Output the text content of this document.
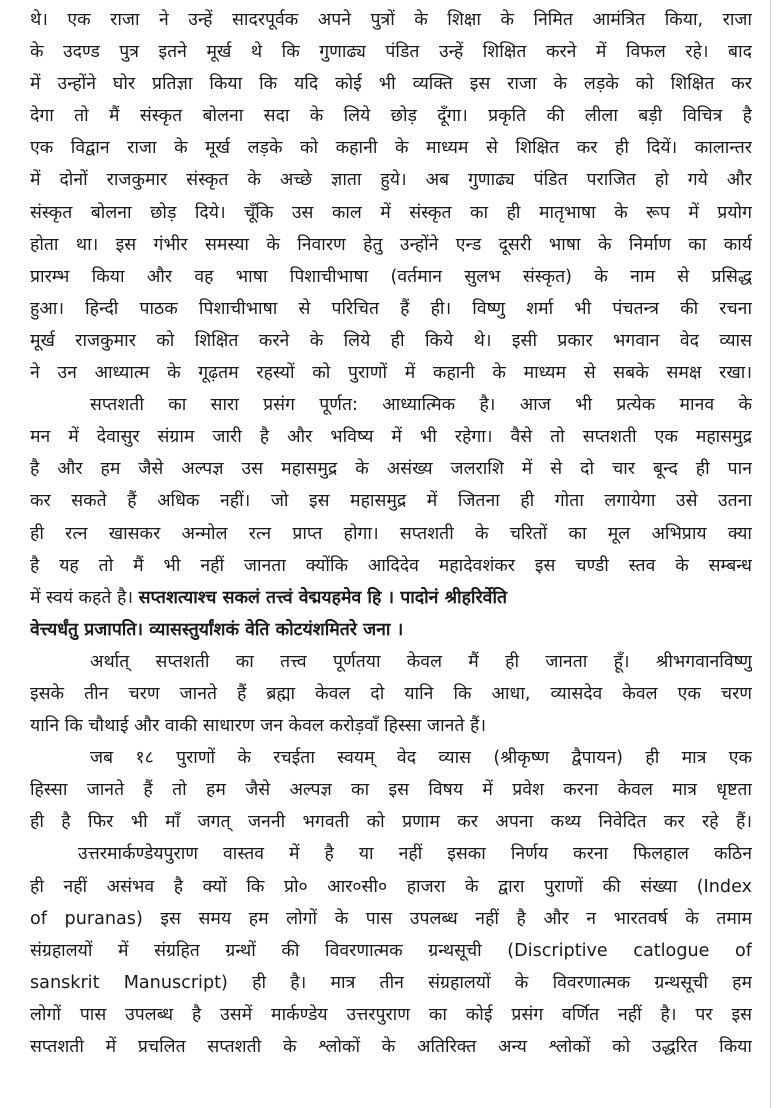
थे। एक राजा ने उन्हें सादरपूर्वक अपने पुत्रों के शिक्षा के निमित आमंत्रित किया, राजा
के उदण्ड पुत्र इतने मूर्ख थे कि गुणाढ्य पंडित उन्हें शिक्षित करने में विफल रहे। बाद
में उन्होंने घोर प्रतिज्ञा किया कि यदि कोई भी व्यक्ति इस राजा के लड़के को शिक्षित कर
देगा तो मैं संस्कृत बोलना सदा के लिये छोड़ दूँगा। प्रकृति की लीला बड़ी विचित्र है
एक विद्वान राजा के मूर्ख लड़के को कहानी के माध्यम से शिक्षित कर ही दियें। कालान्तर
में दोनों राजकुमार संस्कृत के अच्छे ज्ञाता हुये। अब गुणाढ्य पंडित पराजित हो गये और
संस्कृत बोलना छोड़ दिये। चूँकि उस काल में संस्कृत का ही मातृभाषा के रूप में प्रयोग
होता था। इस गंभीर समस्या के निवारण हेतु उन्होंने एन्ड दूसरी भाषा के निर्माण का कार्य
प्रारम्भ किया और वह भाषा पिशाचीभाषा (वर्तमान सुलभ संस्कृत) के नाम से प्रसिद्ध
हुआ। हिन्दी पाठक पिशाचीभाषा से परिचित हैं ही। विष्णु शर्मा भी पंचतन्त्र की रचना
मूर्ख राजकुमार को शिक्षित करने के लिये ही किये थे। इसी प्रकार भगवान वेद व्यास
ने उन आध्यात्म के गूढ़तम रहस्यों को पुराणों में कहानी के माध्यम से सबके समक्ष रखा।
सप्तशती का सारा प्रसंग पूर्णत: आध्यात्मिक है। आज भी प्रत्येक मानव के
मन में देवासुर संग्राम जारी है और भविष्य में भी रहेगा। वैसे तो सप्तशती एक महासमुद्र
है और हम जैसे अल्पज्ञ उस महासमुद्र के असंख्य जलराशि में से दो चार बून्द ही पान
कर सकते हैं अधिक नहीं। जो इस महासमुद्र में जितना ही गोता लगायेगा उसे उतना
ही रत्न खासकर अन्मोल रत्न प्राप्त होगा। सप्तशती के चरितों का मूल अभिप्राय क्या
है यह तो मैं भी नहीं जानता क्योंकि आदिदेव महादेवशंकर इस चण्डी स्तव के सम्बन्ध
में स्वयं कहते है। सप्तशत्याश्च सकलं तत्त्वं वेद्मयहमेव हि । पादोनं श्रीहरिर्वेति
वेत्त्यर्धंतु प्रजापति। व्यासस्तुर्यांशकं वेति कोटयंशमितरे जना ।
अर्थात् सप्तशती का तत्त्व पूर्णतया केवल मैं ही जानता हूँ। श्रीभगवानविष्णु
इसके तीन चरण जानते हैं ब्रह्मा केवल दो यानि कि आधा, व्यासदेव केवल एक चरण
यानि कि चौथाई और वाकी साधारण जन केवल करोड़वाँ हिस्सा जानते हैं।
जब १८ पुराणों के रचईता स्वयम् वेद व्यास (श्रीकृष्ण द्वैपायन) ही मात्र एक
हिस्सा जानते हैं तो हम जैसे अल्पज्ञ का इस विषय में प्रवेश करना केवल मात्र धृष्टता
ही है फिर भी माँ जगत् जननी भगवती को प्रणाम कर अपना कथ्य निवेदित कर रहे हैं।
उत्तरमार्कण्डेयपुराण वास्तव में है या नहीं इसका निर्णय करना फिलहाल कठिन
ही नहीं असंभव है क्यों कि प्रो० आर०सी० हाजरा के द्वारा पुराणों की संख्या (Index
of puranas) इस समय हम लोगों के पास उपलब्ध नहीं है और न भारतवर्ष के तमाम
संग्रहालयों में संग्रहित ग्रन्थों की विवरणात्मक ग्रन्थसूची (Discriptive catlogue of
sanskrit Manuscript) ही है। मात्र तीन संग्रहालयों के विवरणात्मक ग्रन्थसूची हम
लोगों पास उपलब्ध है उसमें मार्कण्डेय उत्तरपुराण का कोई प्रसंग वर्णित नहीं है। पर इस
सप्तशती में प्रचलित सप्तशती के श्लोकों के अतिरिक्त अन्य श्लोकों को उद्धरित किया
